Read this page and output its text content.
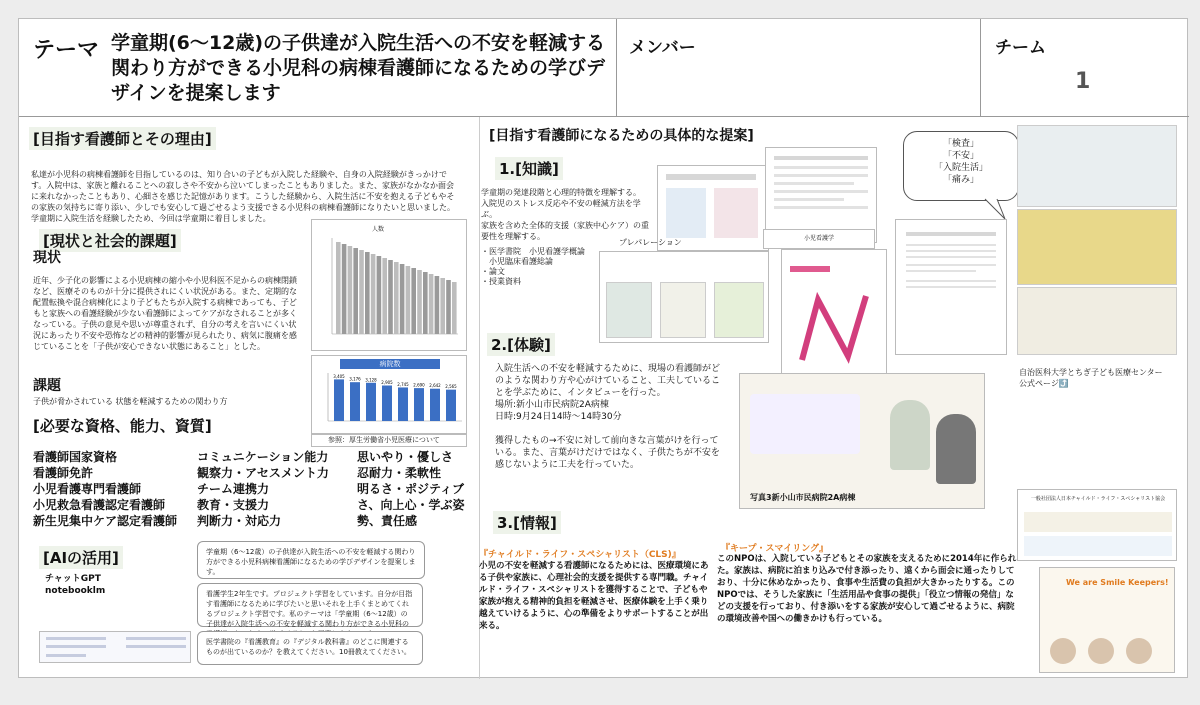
テーマ 学童期(6〜12歳)の子供達が入院生活への不安を軽減する関わり方ができる小児科の病棟看護師になるための学びデザインを提案します
メンバー	チーム
1
[目指す看護師とその理由]
私達が小児科の病棟看護師を目指しているのは、知り合いの子どもが入院した経験や、自身の入院経験がきっかけです。入院中は、家族と離れることへの寂しさや不安から泣いてしまったこともありました。また、家族がなかなか面会に来れなかったこともあり、心細さを感じた記憶があります。こうした経験から、入院生活に不安を抱える子どもやその家族の気持ちに寄り添い、少しでも安心して過ごせるよう支援できる小児科の病棟看護師になりたいと思いました。学童期に入院生活を経験したため、今回は学童期に着目しました。
[現状と社会的課題]
現状
近年、少子化の影響による小児病棟の縮小や小児科医不足からの病棟閉鎖など、医療そのものが十分に提供されにくい状況がある。また、定期的な配置転換や混合病棟化により子どもたちが入院する病棟であっても、子どもと家族への看護経験が少ない看護師によってケアがなされることが多くなっている。子供の意見や思いが尊重されず、自分の考えを言いにくい状況にあったり不安や恐怖などの精神的影響が見られたり、病気に腹痛を感じていることを「子供が安心できない状態にあること」とした。
人数
病院数
3,405
3,176 3,128
2,905 2,745 2,690 2,642 2,565
参照：厚生労働省小児医療について
課題
子供が脅かされている 状態を軽減するための関わり方
[必要な資格、能力、資質]
看護師国家資格
看護師免許
小児看護専門看護師
小児救急看護認定看護師
新生児集中ケア認定看護師
コミュニケーション能力
観察力・アセスメント力
チーム連携力
教育・支援力
判断力・対応力
思いやり・優しさ
忍耐力・柔軟性
明るさ・ポジティブさ、向上心・学ぶ姿勢、責任感
[AIの活用]
チャットGPT
notebooklm
学童期（6〜12歳）の子供達が入院生活への不安を軽減する関わり方ができる小児科病棟看護師になるための学びデザインを提案します。
看護学生2年生です。プロジェクト学習をしています。自分が目指す看護師になるために学びたいと思いそれを上手くまとめてくれるプロジェクト学習です。私のテーマは「学童期（6〜12歳）の子供達が入院生活への不安を軽減する関わり方ができる小児科の
医学書院の『看護教育』の『デジタル教科書』のどこに関連するものが出ているのか？を教えてください。10冊教えてください。
[目指す看護師になるための具体的な提案]
1.[知識]
学童期の発達段階と心理的特徴を理解する。
入院児のストレス反応や不安の軽減方法を学ぶ。
家族を含めた全体的支援（家族中心ケア）の重要性を理解する。
・医学書院　小児看護学概論
　小児臨床看護総論
・論文
・授業資料
小児看護学
プレパレーション
「検査」
「不安」
「入院生活」
「痛み」
自治医科大学とちぎ子ども医療センター公式ページ⤴️
2.[体験]
入院生活への不安を軽減するために、現場の看護師がどのような関わり方や心がけていること、工夫していることを学ぶために、インタビューを行った。
場所:新小山市民病院2A病棟
日時:9月24日14時〜14時30分
獲得したもの→不安に対して前向きな言葉がけを行っている。また、言葉がけだけではなく、子供たちが不安を感じないように工夫を行っていた。
写真3新小山市民病院2A病棟	一般社団法人日本チャイルド・ライフ・スペシャリスト協会
We are Smile Keepers!
3.[情報]
『チャイルド・ライフ・スペシャリスト（CLS)』
小児の不安を軽減する看護師になるためには、医療環境にある子供や家族に、心理社会的支援を提供する専門職。チャイルド・ライフ・スペシャリストを獲得することで、子どもや家族が抱える精神的負担を軽減させ、医療体験を上手く乗り越えていけるように、心の準備をよりサポートすることが出来る。
『キープ・スマイリング』
このNPOは、入院している子どもとその家族を支えるために2014年に作られた。家族は、病院に泊まり込みで付き添ったり、遠くから面会に通ったりしており、十分に休めなかったり、食事や生活費の負担が大きかったりする。このNPOでは、そうした家族に「生活用品や食事の提供」「役立つ情報の発信」などの支援を行っており、付き添いをする家族が安心して過ごせるように、病院の環境改善や国への働きかけも行っている。
